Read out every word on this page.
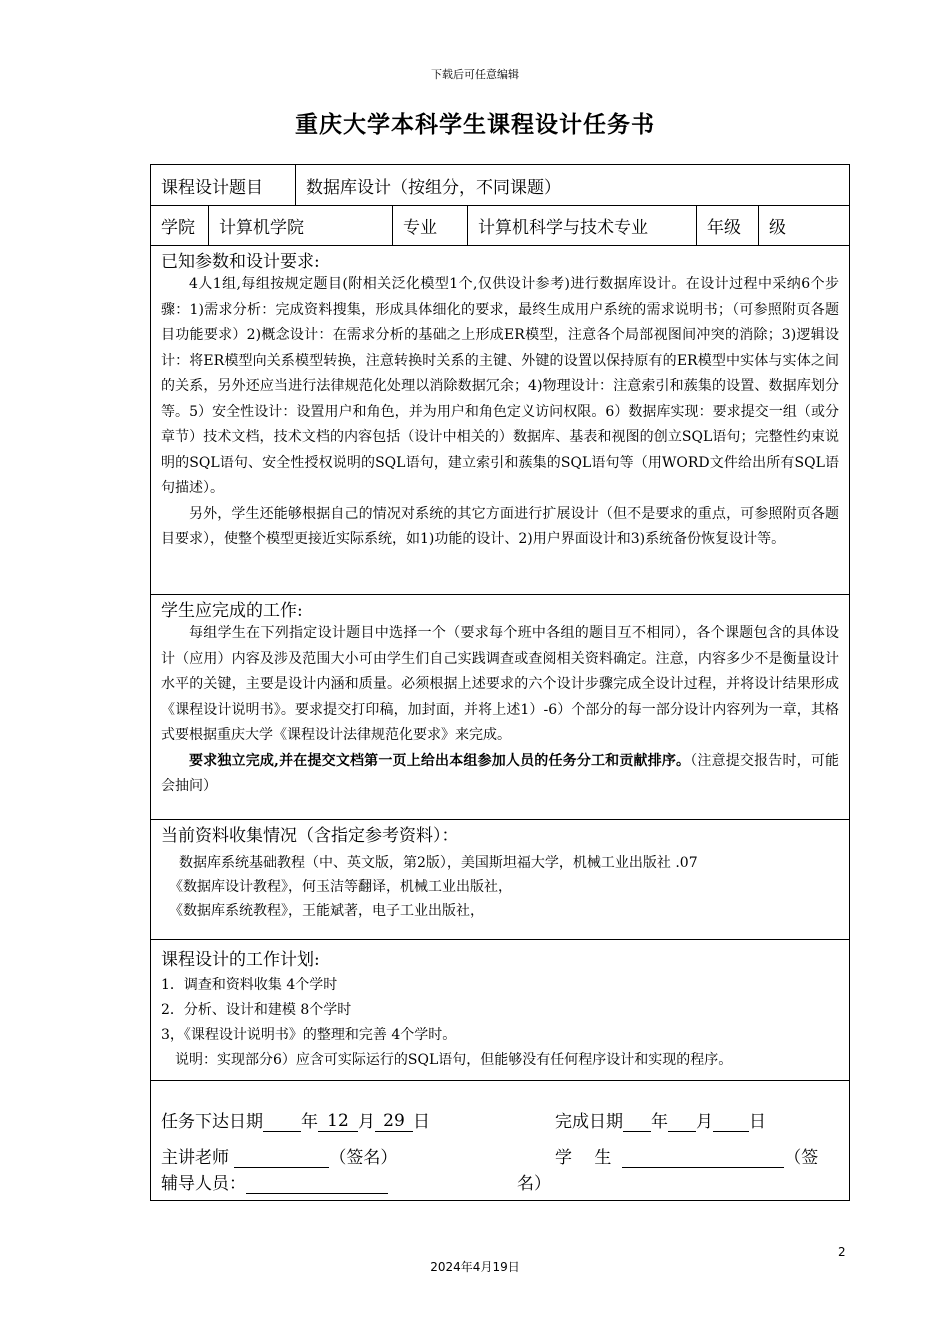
下载后可任意编辑
重庆大学本科学生课程设计任务书
课程设计题目	数据库设计（按组分，不同课题）
学院	计算机学院	专业	计算机科学与技术专业	年级	级
已知参数和设计要求:
4人1组,每组按规定题目(附相关泛化模型1个,仅供设计参考)进行数据库设计。在设计过程中采纳6个步骤：1)需求分析：完成资料搜集，形成具体细化的要求，最终生成用户系统的需求说明书；（可参照附页各题目功能要求）2)概念设计：在需求分析的基础之上形成ER模型，注意各个局部视图间冲突的消除；3)逻辑设计：将ER模型向关系模型转换，注意转换时关系的主键、外键的设置以保持原有的ER模型中实体与实体之间的关系，另外还应当进行法律规范化处理以消除数据冗余；4)物理设计：注意索引和蔟集的设置、数据库划分等。5）安全性设计：设置用户和角色，并为用户和角色定义访问权限。6）数据库实现：要求提交一组（或分章节）技术文档，技术文档的内容包括（设计中相关的）数据库、基表和视图的创立SQL语句；完整性约束说明的SQL语句、安全性授权说明的SQL语句，建立索引和蔟集的SQL语句等（用WORD文件给出所有SQL语句描述）。
另外，学生还能够根据自己的情况对系统的其它方面进行扩展设计（但不是要求的重点，可参照附页各题目要求），使整个模型更接近实际系统，如1)功能的设计、2)用户界面设计和3)系统备份恢复设计等。
学生应完成的工作:
每组学生在下列指定设计题目中选择一个（要求每个班中各组的题目互不相同），各个课题包含的具体设计（应用）内容及涉及范围大小可由学生们自己实践调查或查阅相关资料确定。注意，内容多少不是衡量设计水平的关键，主要是设计内涵和质量。必须根据上述要求的六个设计步骤完成全设计过程，并将设计结果形成《课程设计说明书》。要求提交打印稿，加封面，并将上述1）-6）个部分的每一部分设计内容列为一章，其格式要根据重庆大学《课程设计法律规范化要求》来完成。
要求独立完成,并在提交文档第一页上给出本组参加人员的任务分工和贡献排序。（注意提交报告时，可能会抽问）
当前资料收集情况（含指定参考资料）：
数据库系统基础教程（中、英文版，第2版），美国斯坦福大学，机械工业出版社 .07
《数据库设计教程》，何玉洁等翻译，机械工业出版社，
《数据库系统教程》，王能斌著，电子工业出版社，
课程设计的工作计划:
1．调查和资料收集 4个学时
2．分析、设计和建模 8个学时
3，《课程设计说明书》的整理和完善 4个学时。
说明：实现部分6）应含可实际运行的SQL语句，但能够没有任何程序设计和实现的程序。
任务下达日期 年 12 月 29 日	完成日期 年 月 日
主讲老师	（签名）	学　 生	（签
辅导人员：	名）
2
2024年4月19日
